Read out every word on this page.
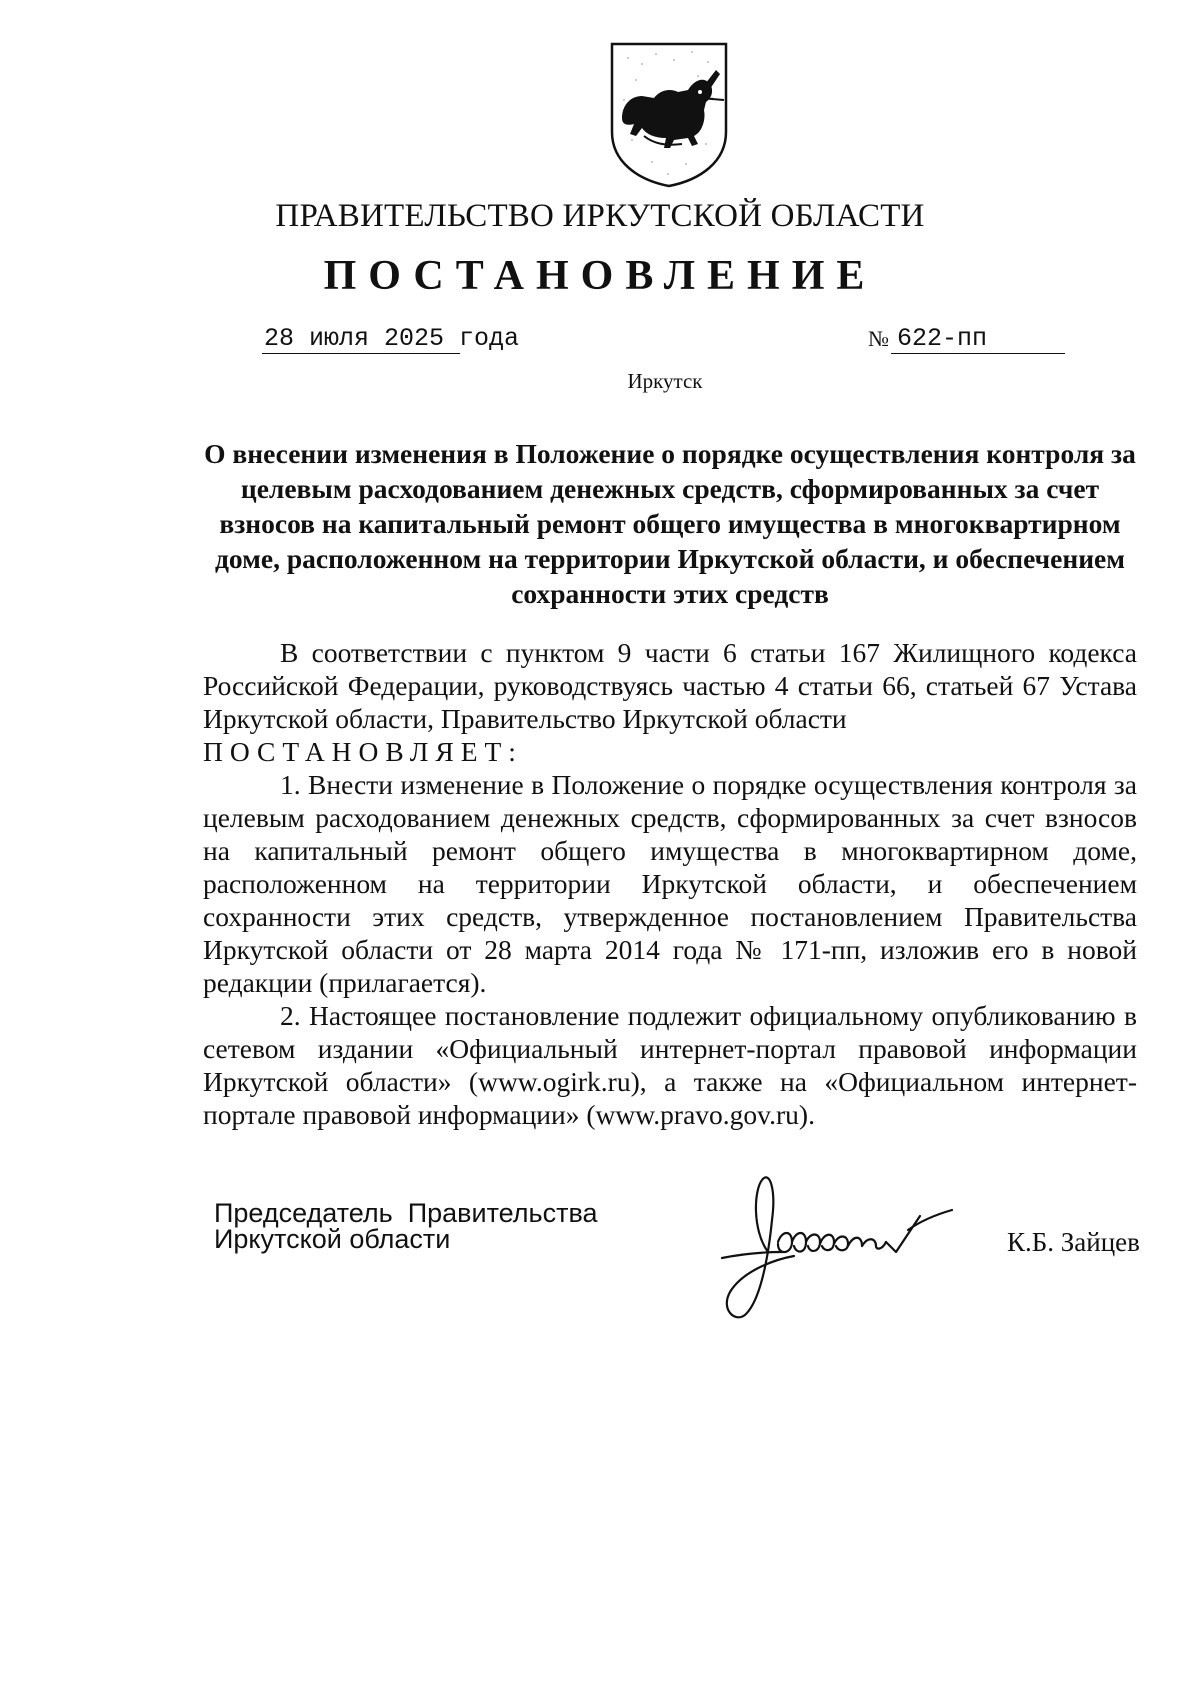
ПРАВИТЕЛЬСТВО ИРКУТСКОЙ ОБЛАСТИ
ПОСТАНОВЛЕНИЕ
28 июля 2025 года	№ 622-пп
Иркутск
О внесении изменения в Положение о порядке осуществления контроля за целевым расходованием денежных средств, сформированных за счет взносов на капитальный ремонт общего имущества в многоквартирном доме, расположенном на территории Иркутской области, и обеспечением сохранности этих средств

В соответствии с пунктом 9 части 6 статьи 167 Жилищного кодекса Российской Федерации, руководствуясь частью 4 статьи 66, статьей 67 Устава Иркутской области, Правительство Иркутской области

ПОСТАНОВЛЯЕТ:

1. Внести изменение в Положение о порядке осуществления контроля за целевым расходованием денежных средств, сформированных за счет взносов на капитальный ремонт общего имущества в многоквартирном доме, расположенном на территории Иркутской области, и обеспечением сохранности этих средств, утвержденное постановлением Правительства Иркутской области от 28 марта 2014 года № 171-пп, изложив его в новой редакции (прилагается).

2. Настоящее постановление подлежит официальному опубликованию в сетевом издании «Официальный интернет-портал правовой информации Иркутской области» (www.ogirk.ru), а также на «Официальном интернет-портале правовой информации» (www.pravo.gov.ru).

Председатель  Правительства
Иркутской области	К.Б. Зайцев
